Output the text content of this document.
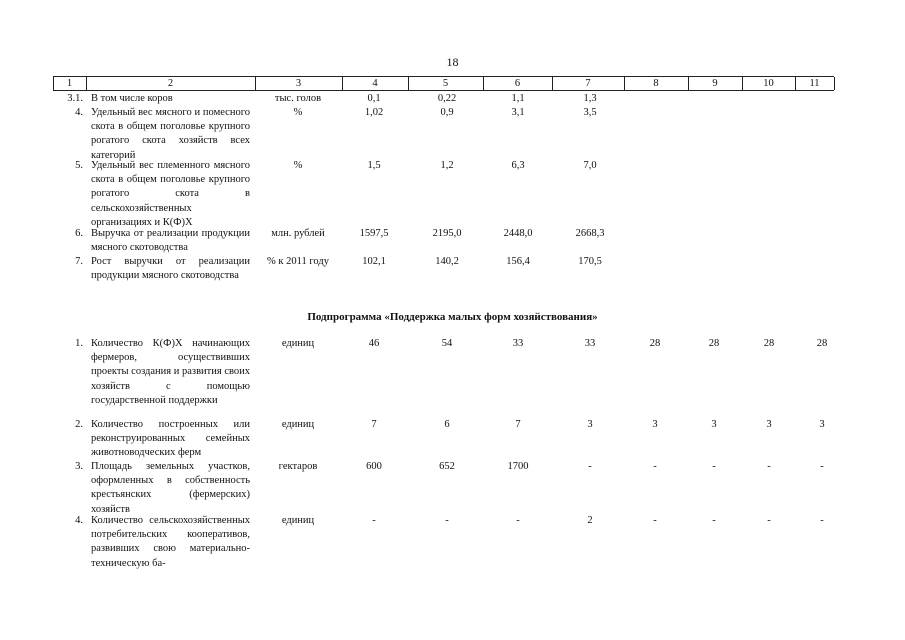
18
1	2	3	4	5	6	7	8	9	10	11
3.1. В том числе коров	тыс. голов	0,1	0,22	1,1	1,3
4. Удельный вес мясного и помесного скота в общем поголовье крупного рогатого скота хозяйств всех категорий
%	1,02	0,9	3,1	3,5
5. Удельный вес племенного мясного скота в общем поголовье крупного рогатого скота в сельскохозяйственных организациях и К(Ф)Х
%	1,5	1,2	6,3	7,0
6. Выручка от реализации продукции мясного скотоводства
млн. рублей	1597,5	2195,0	2448,0	2668,3
7. Рост выручки от реализации продукции мясного скотоводства
% к 2011 году	102,1	140,2	156,4	170,5
Подпрограмма «Поддержка малых форм хозяйствования»
1. Количество К(Ф)Х начинающих фермеров, осуществивших проекты создания и развития своих хозяйств с помощью государственной поддержки
единиц	46	54	33	33	28	28	28	28
2. Количество построенных или реконструированных семейных животноводческих ферм
единиц	7	6	7	3	3	3	3	3
3. Площадь земельных участков, оформленных в собственность крестьянских (фермерских) хозяйств
гектаров	600	652	1700	-	-	-	-	-
4. Количество сельскохозяйственных потребительских кооперативов, развивших свою материально-техническую ба-
единиц	-	-	-	2	-	-	-	-
